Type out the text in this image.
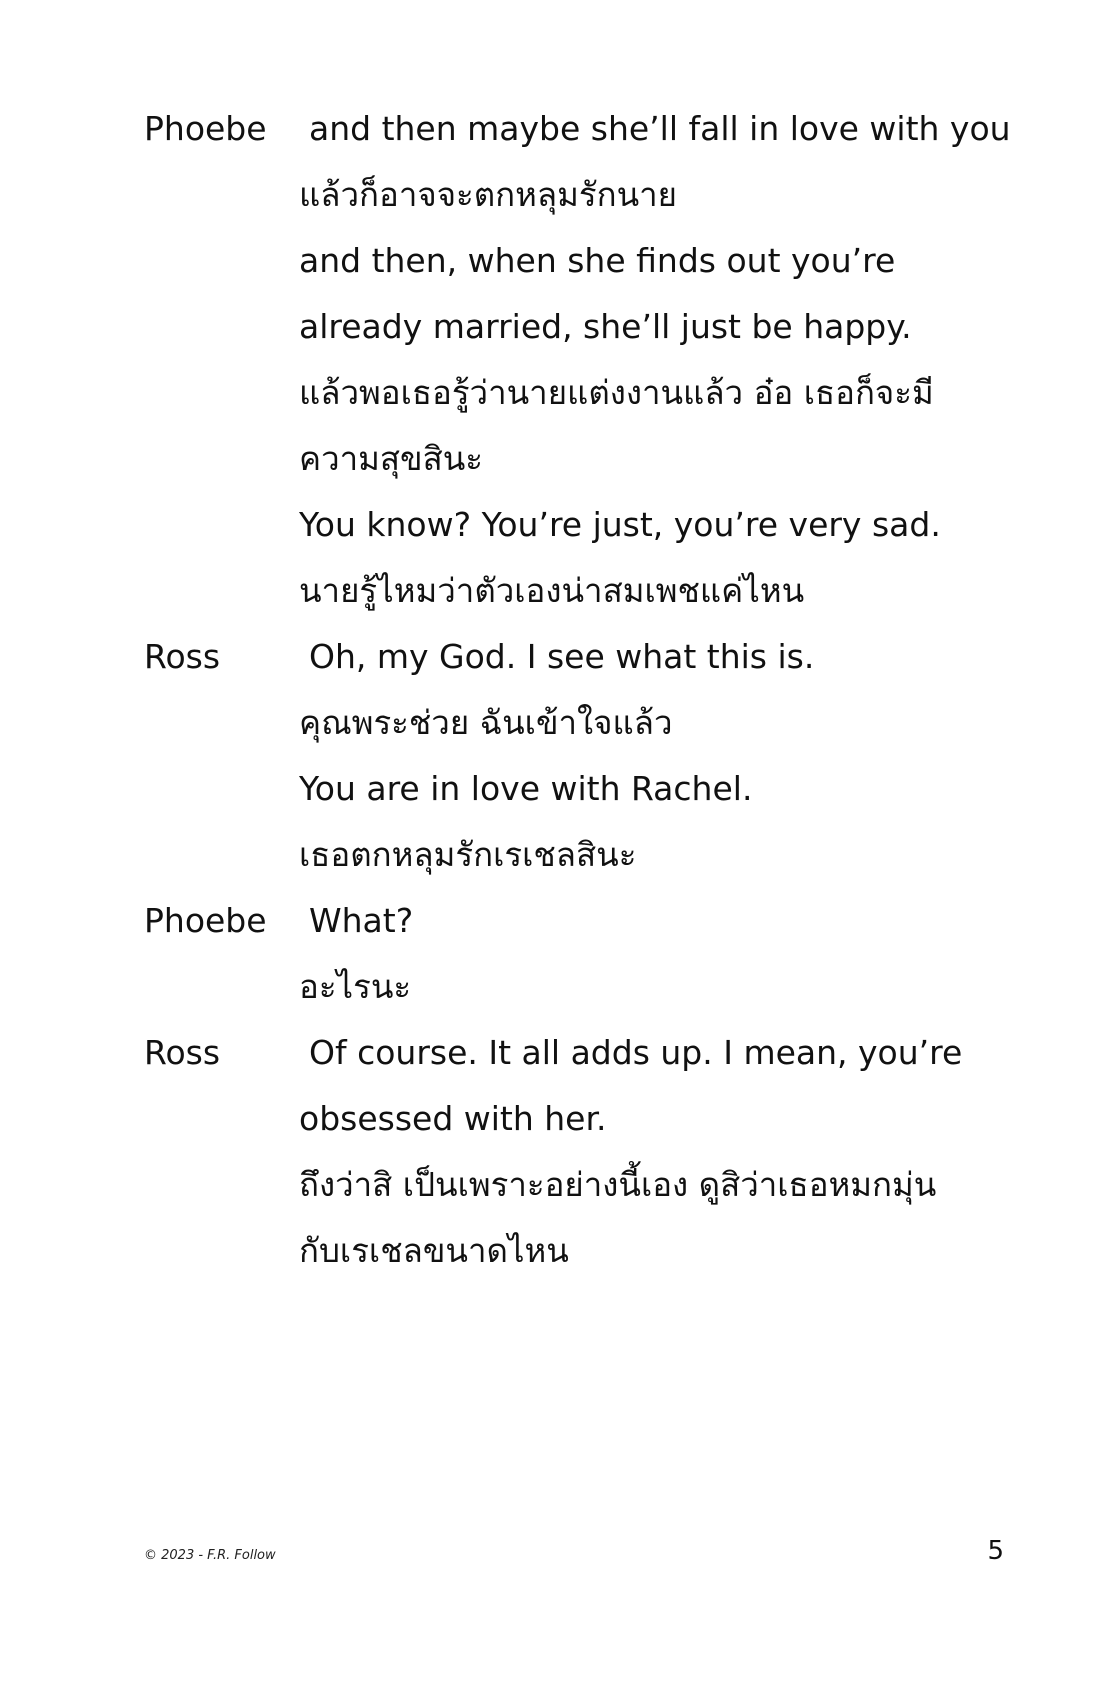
Phoebe	and then maybe she’ll fall in love with you
แล้วก็อาจจะตกหลุมรักนาย
and then, when she finds out you’re
already married, she’ll just be happy.
แล้วพอเธอรู้ว่านายแต่งงานแล้ว อ๋อ เธอก็จะมี
ความสุขสินะ
You know? You’re just, you’re very sad.
นายรู้ไหมว่าตัวเองน่าสมเพชแค่ไหน
Ross	Oh, my God. I see what this is.
คุณพระช่วย ฉันเข้าใจแล้ว
You are in love with Rachel.
เธอตกหลุมรักเรเชลสินะ
Phoebe	What?
อะไรนะ
Ross	Of course. It all adds up. I mean, you’re
obsessed with her.
ถึงว่าสิ เป็นเพราะอย่างนี้เอง ดูสิว่าเธอหมกมุ่น
กับเรเชลขนาดไหน
© 2023 - F.R. Follow	5
